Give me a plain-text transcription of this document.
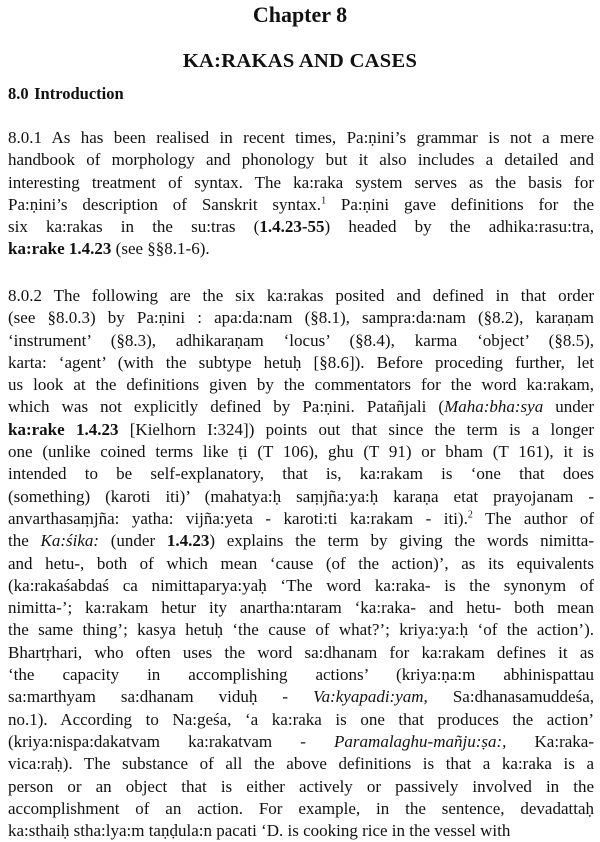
Chapter 8
KA:RAKAS AND CASES
8.0 Introduction
8.0.1 As has been realised in recent times, Pa:ṇini’s grammar is not a mere
handbook of morphology and phonology but it also includes a detailed and
interesting treatment of syntax. The ka:raka system serves as the basis for
Pa:ṇini’s description of Sanskrit syntax.$^1$ Pa:ṇini gave definitions for the
six ka:rakas in the su:tras (1.4.23-55) headed by the adhika:rasu:tra,
ka:rake 1.4.23 (see §§8.1-6).
8.0.2 The following are the six ka:rakas posited and defined in that order
(see §8.0.3) by Pa:ṇini : apa:da:nam (§8.1), sampra:da:nam (§8.2), karaṇam
‘instrument’ (§8.3), adhikaraṇam ‘locus’ (§8.4), karma ‘object’ (§8.5),
karta: ‘agent’ (with the subtype hetuḥ [§8.6]). Before proceding further, let
us look at the definitions given by the commentators for the word ka:rakam,
which was not explicitly defined by Pa:ṇini. Patañjali (Maha:bha:sya under
ka:rake 1.4.23 [Kielhorn I:324]) points out that since the term is a longer
one (unlike coined terms like ṭi (T 106), ghu (T 91) or bham (T 161), it is
intended to be self-explanatory, that is, ka:rakam is ‘one that does
(something) (karoti iti)’ (mahatya:ḥ saṃjña:ya:ḥ karaṇa etat prayojanam -
anvarthasaṃjña: yatha: vijña:yeta - karoti:ti ka:rakam - iti).$^2$ The author of
the Ka:śika: (under 1.4.23) explains the term by giving the words nimitta-
and hetu-, both of which mean ‘cause (of the action)’, as its equivalents
(ka:rakaśabdaś ca nimittaparya:yaḥ ‘The word ka:raka- is the synonym of
nimitta-’; ka:rakam hetur ity anartha:ntaram ‘ka:raka- and hetu- both mean
the same thing’; kasya hetuḥ ‘the cause of what?’; kriya:ya:ḥ ‘of the action’).
Bhartṛhari, who often uses the word sa:dhanam for ka:rakam defines it as
‘the capacity in accomplishing actions’ (kriya:ṇa:m abhinispattau
sa:marthyam sa:dhanam viduḥ - Va:kyapadi:yam, Sa:dhanasamuddeśa,
no.1). According to Na:geśa, ‘a ka:raka is one that produces the action’
(kriya:nispa:dakatvam ka:rakatvam - Paramalaghu-mañju:ṣa:, Ka:raka-
vica:raḥ). The substance of all the above definitions is that a ka:raka is a
person or an object that is either actively or passively involved in the
accomplishment of an action. For example, in the sentence, devadattaḥ
ka:sthaiḥ stha:lya:m taṇḍula:n pacati ‘D. is cooking rice in the vessel with
